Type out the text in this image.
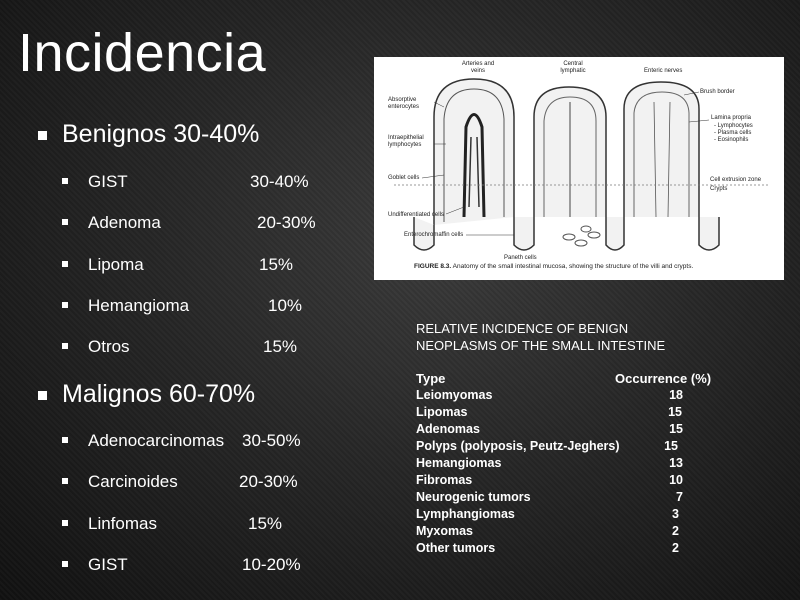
Incidencia
Benignos 30-40%
GIST	30-40%
Adenoma	20-30%
Lipoma	15%
Hemangioma	10%
Otros	15%
Malignos 60-70%
Adenocarcinomas 30-50%
Carcinoides	20-30%
Linfomas	15%
GIST	10-20%
Arteries and veins
Central lymphatic	Enteric nerves
Brush border
Absorptive enterocytes
Intraepithelial lymphocytes
Goblet cells
Undifferentiated cells
Enterochromaffin cells
Paneth cells
Lamina propria
- Lymphocytes
- Plasma cells
- Eosinophils
Cell extrusion zone
Crypts
FIGURE 8.3. Anatomy of the small intestinal mucosa, showing the structure of the villi and crypts.
RELATIVE INCIDENCE OF BENIGN
NEOPLASMS OF THE SMALL INTESTINE
Type	Occurrence (%)
Leiomyomas	18
Lipomas	15
Adenomas	15
Polyps (polyposis, Peutz-Jeghers)	15
Hemangiomas	13
Fibromas	10
Neurogenic tumors	7
Lymphangiomas	3
Myxomas	2
Other tumors	2
